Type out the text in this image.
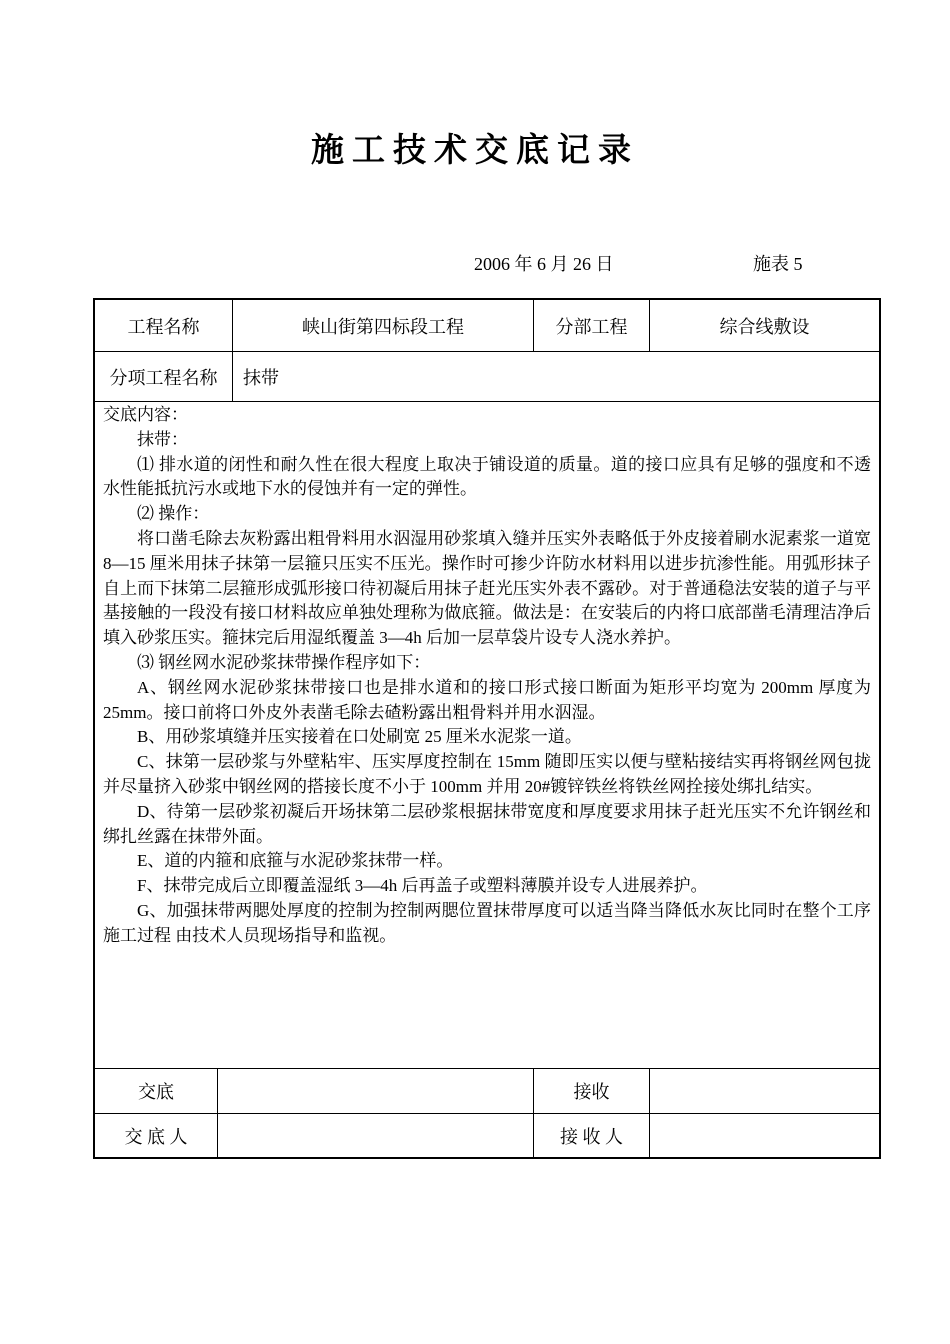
施工技术交底记录
2006 年 6 月 26 日	施表 5
工程名称	峡山街第四标段工程	分部工程	综合线敷设
分项工程名称	抹带

交底内容：

抹带：

⑴ 排水道的闭性和耐久性在很大程度上取决于铺设道的质量。道的接口应具有足够的强度和不透水性能抵抗污水或地下水的侵蚀并有一定的弹性。

⑵ 操作：

将口凿毛除去灰粉露出粗骨料用水泅湿用砂浆填入缝并压实外表略低于外皮接着刷水泥素浆一道宽 8—15 厘米用抹子抹第一层箍只压实不压光。操作时可掺少许防水材料用以进步抗渗性能。用弧形抹子自上而下抹第二层箍形成弧形接口待初凝后用抹子赶光压实外表不露砂。对于普通稳法安装的道子与平基接触的一段没有接口材料故应单独处理称为做底箍。做法是：在安装后的内将口底部凿毛清理洁净后填入砂浆压实。箍抹完后用湿纸覆盖 3—4h 后加一层草袋片设专人浇水养护。

⑶ 钢丝网水泥砂浆抹带操作程序如下：

A、钢丝网水泥砂浆抹带接口也是排水道和的接口形式接口断面为矩形平均宽为 200mm 厚度为 25mm。接口前将口外皮外表凿毛除去碴粉露出粗骨料并用水泅湿。

B、用砂浆填缝并压实接着在口处刷宽 25 厘米水泥浆一道。

C、抹第一层砂浆与外壁粘牢、压实厚度控制在 15mm 随即压实以便与壁粘接结实再将钢丝网包拢并尽量挤入砂浆中钢丝网的搭接长度不小于 100mm 并用 20#镀锌铁丝将铁丝网拴接处绑扎结实。

D、待第一层砂浆初凝后开场抹第二层砂浆根据抹带宽度和厚度要求用抹子赶光压实不允许钢丝和绑扎丝露在抹带外面。

E、道的内箍和底箍与水泥砂浆抹带一样。

F、抹带完成后立即覆盖湿纸 3—4h 后再盖子或塑料薄膜并设专人进展养护。

G、加强抹带两腮处厚度的控制为控制两腮位置抹带厚度可以适当降当降低水灰比同时在整个工序施工过程 由技术人员现场指导和监视。

交底	接收
交 底 人	接 收 人
